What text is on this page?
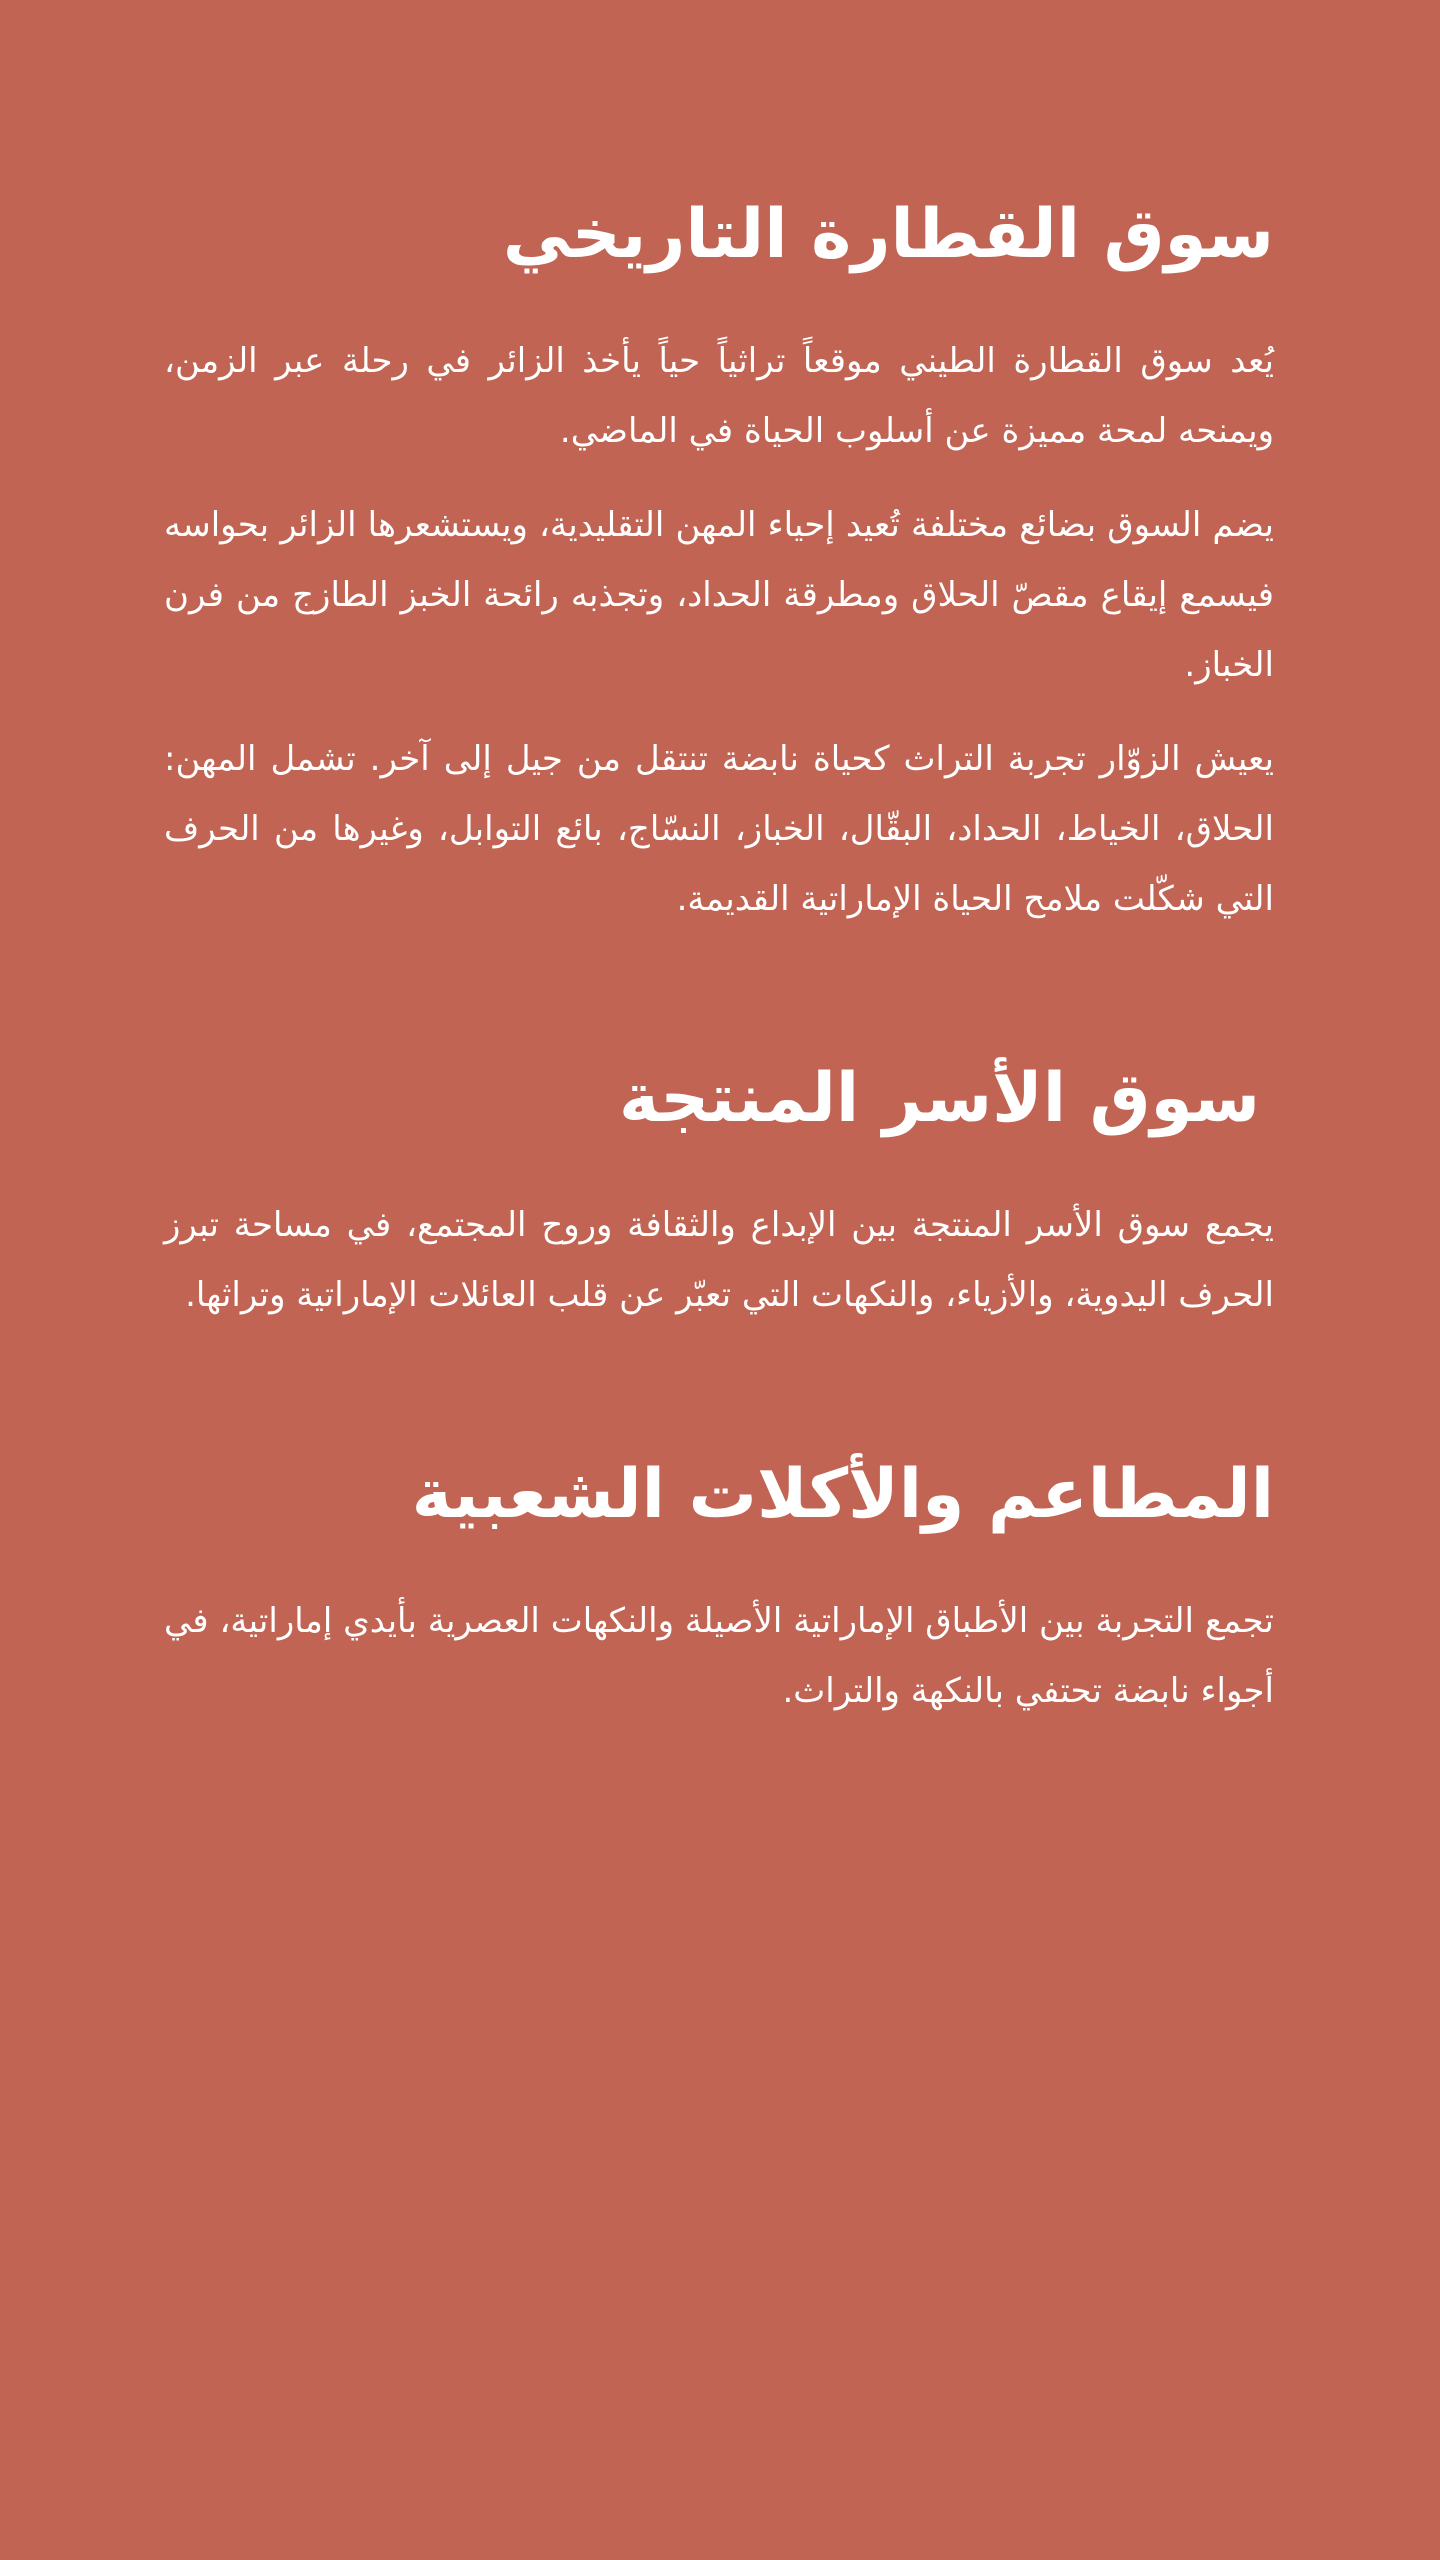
سوق القطارة التاريخي

يُعد سوق القطارة الطيني موقعاً تراثياً حياً يأخذ الزائر في رحلة عبر الزمن، ويمنحه لمحة مميزة عن أسلوب الحياة في الماضي.

يضم السوق بضائع مختلفة تُعيد إحياء المهن التقليدية، ويستشعرها الزائر بحواسه فيسمع إيقاع مقصّ الحلاق ومطرقة الحداد، وتجذبه رائحة الخبز الطازج من فرن الخباز.

يعيش الزوّار تجربة التراث كحياة نابضة تنتقل من جيل إلى آخر. تشمل المهن: الحلاق، الخياط، الحداد، البقّال، الخباز، النسّاج، بائع التوابل، وغيرها من الحرف التي شكّلت ملامح الحياة الإماراتية القديمة.

سوق الأسر المنتجة

يجمع سوق الأسر المنتجة بين الإبداع والثقافة وروح المجتمع، في مساحة تبرز الحرف اليدوية، والأزياء، والنكهات التي تعبّر عن قلب العائلات الإماراتية وتراثها.

المطاعم والأكلات الشعبية

تجمع التجربة بين الأطباق الإماراتية الأصيلة والنكهات العصرية بأيدي إماراتية، في أجواء نابضة تحتفي بالنكهة والتراث.
